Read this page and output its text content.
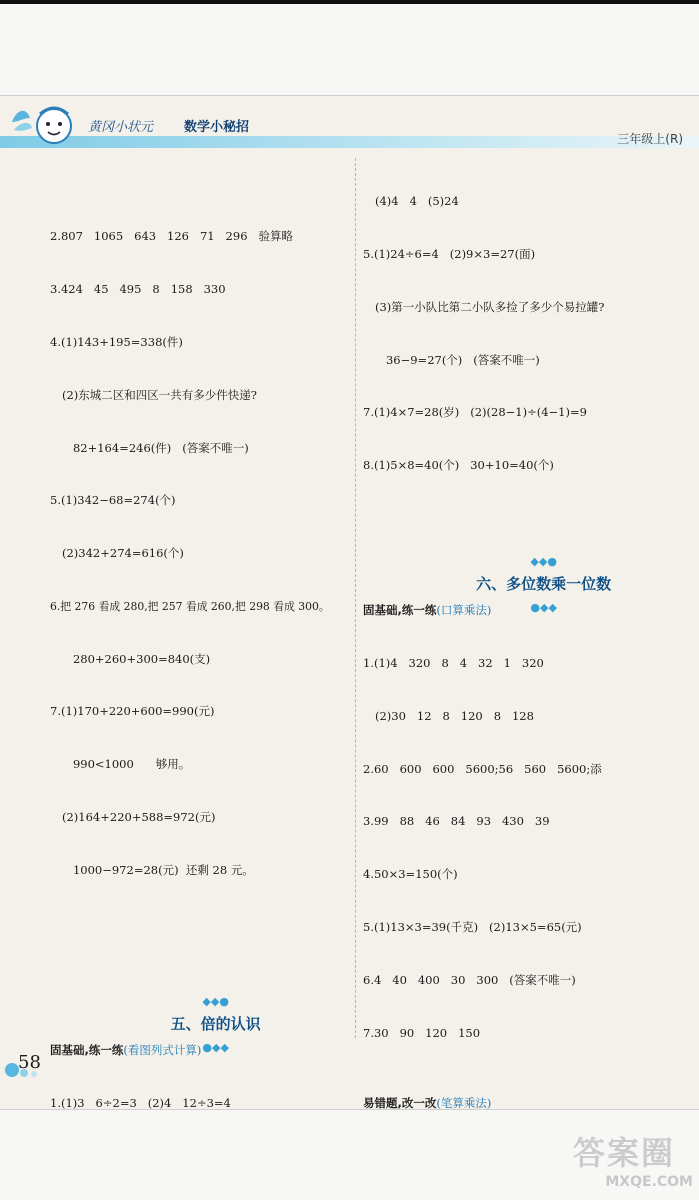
黄冈小状元 数学小秘招
三年级上(R)

2.807   1065   643   126   71   296   验算略

3.424   45   495   8   158   330

4.(1)143+195=338(件)

(2)东城二区和四区一共有多少件快递?

82+164=246(件)   (答案不唯一)

5.(1)342−68=274(个)

(2)342+274=616(个)

6.把 276 看成 280,把 257 看成 260,把 298 看成 300。

280+260+300=840(支)

7.(1)170+220+600=990(元)

990<1000      够用。

(2)164+220+588=972(元)

1000−972=28(元)  还剩 28 元。

◆◆●
五、倍的认识
●◆◆

固基础,练一练(看图列式计算)

1.(1)3   6÷2=3   (2)4   12÷3=4

(4)4   4   (5)24

5.(1)24÷6=4   (2)9×3=27(面)

(3)第一小队比第二小队多捡了多少个易拉罐?

36−9=27(个)   (答案不唯一)

7.(1)4×7=28(岁)   (2)(28−1)÷(4−1)=9

8.(1)5×8=40(个)   30+10=40(个)

◆◆●
六、多位数乘一位数
●◆◆

固基础,练一练(口算乘法)

1.(1)4   320   8   4   32   1   320

(2)30   12   8   120   8   128

2.60   600   600   5600;56   560   5600;添

3.99   88   46   84   93   430   39

4.50×3=150(个)

5.(1)13×3=39(千克)   (2)13×5=65(元)

6.4   40   400   30   300   (答案不唯一)

7.30   90   120   150

易错题,改一改(笔算乘法)

58
答案圈
MXQE.COM
